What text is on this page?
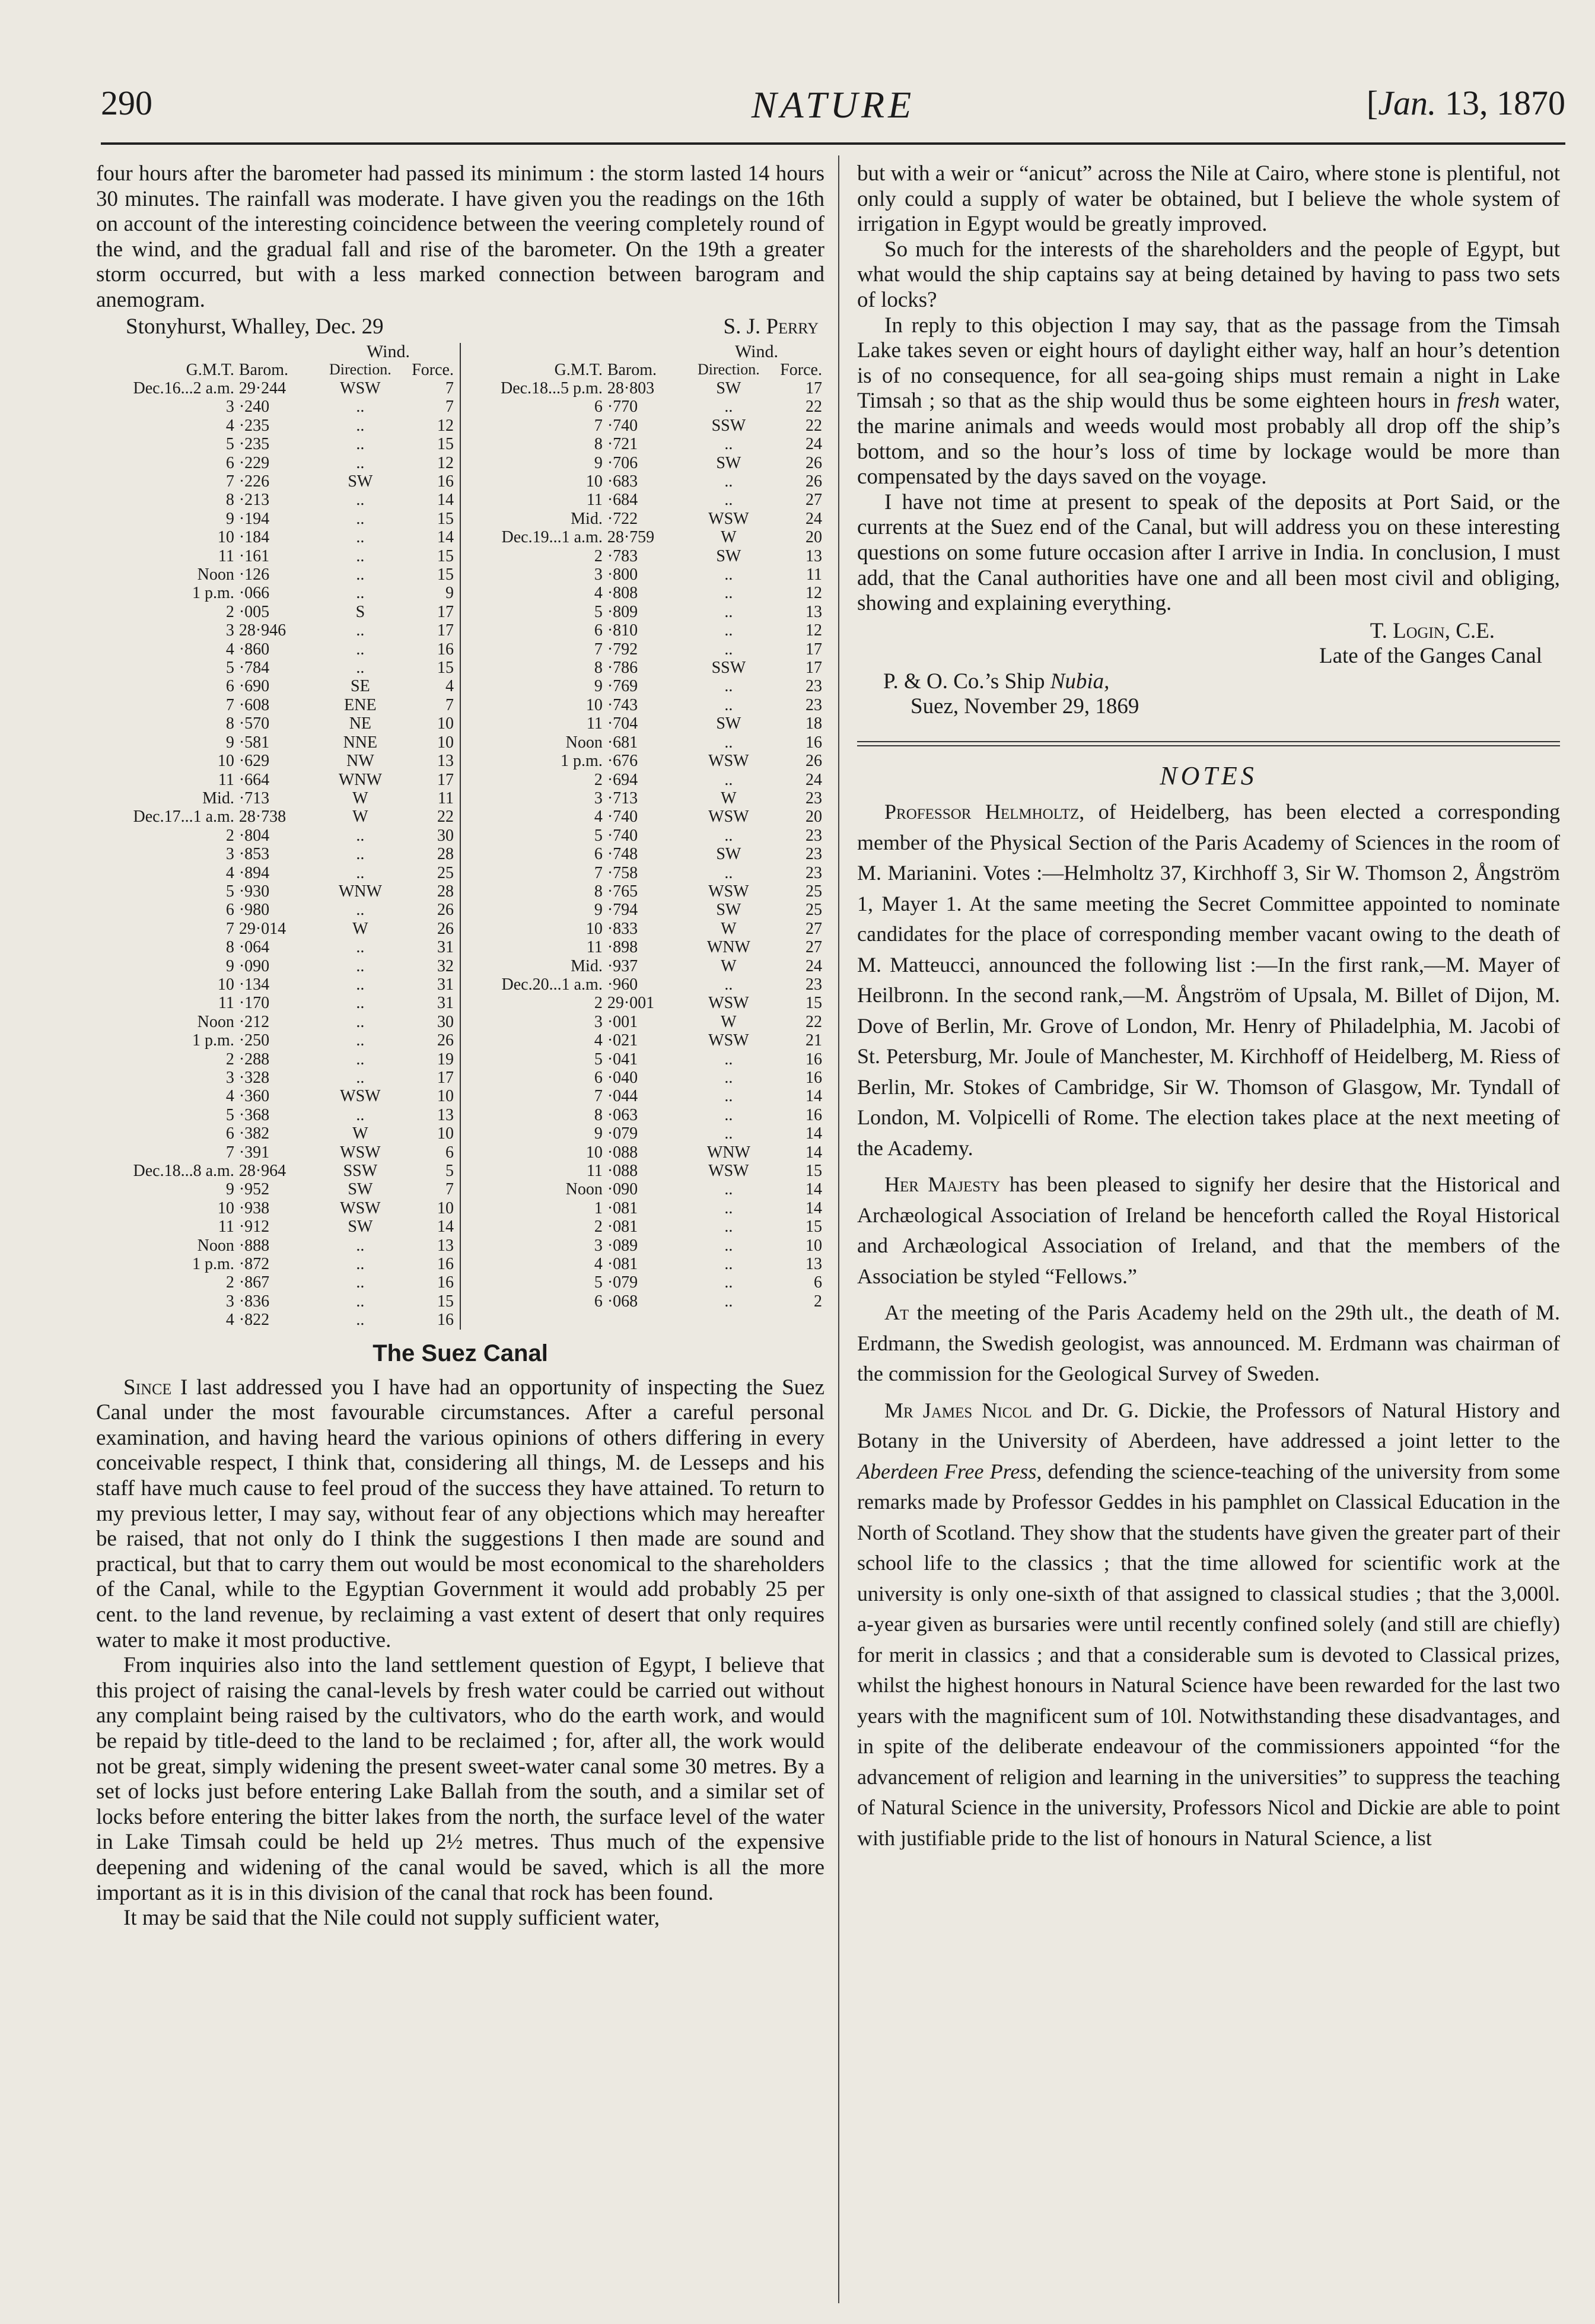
290	NATURE	[Jan. 13, 1870

four hours after the barometer had passed its minimum : the storm lasted 14 hours 30 minutes. The rainfall was moderate. I have given you the readings on the 16th on account of the interesting coincidence between the veering completely round of the wind, and the gradual fall and rise of the barometer. On the 19th a greater storm occurred, but with a less marked connection between barogram and anemogram.

Stonyhurst, Whalley, Dec. 29	S. J. Perry
		Wind.	
G.M.T.	Barom.	Direction.	Force.
Dec.16...2 a.m.	29·244	WSW	7
3	·240	..	7
4	·235	..	12
5	·235	..	15
6	·229	..	12
7	·226	SW	16
8	·213	..	14
9	·194	..	15
10	·184	..	14
11	·161	..	15
Noon	·126	..	15
1 p.m.	·066	..	9
2	·005	S	17
3	28·946	..	17
4	·860	..	16
5	·784	..	15
6	·690	SE	4
7	·608	ENE	7
8	·570	NE	10
9	·581	NNE	10
10	·629	NW	13
11	·664	WNW	17
Mid.	·713	W	11
Dec.17...1 a.m.	28·738	W	22
2	·804	..	30
3	·853	..	28
4	·894	..	25
5	·930	WNW	28
6	·980	..	26
7	29·014	W	26
8	·064	..	31
9	·090	..	32
10	·134	..	31
11	·170	..	31
Noon	·212	..	30
1 p.m.	·250	..	26
2	·288	..	19
3	·328	..	17
4	·360	WSW	10
5	·368	..	13
6	·382	W	10
7	·391	WSW	6
Dec.18...8 a.m.	28·964	SSW	5
9	·952	SW	7
10	·938	WSW	10
11	·912	SW	14
Noon	·888	..	13
1 p.m.	·872	..	16
2	·867	..	16
3	·836	..	15
4	·822	..	16
		Wind.	
G.M.T.	Barom.	Direction.	Force.
Dec.18...5 p.m.	28·803	SW	17
6	·770	..	22
7	·740	SSW	22
8	·721	..	24
9	·706	SW	26
10	·683	..	26
11	·684	..	27
Mid.	·722	WSW	24
Dec.19...1 a.m.	28·759	W	20
2	·783	SW	13
3	·800	..	11
4	·808	..	12
5	·809	..	13
6	·810	..	12
7	·792	..	17
8	·786	SSW	17
9	·769	..	23
10	·743	..	23
11	·704	SW	18
Noon	·681	..	16
1 p.m.	·676	WSW	26
2	·694	..	24
3	·713	W	23
4	·740	WSW	20
5	·740	..	23
6	·748	SW	23
7	·758	..	23
8	·765	WSW	25
9	·794	SW	25
10	·833	W	27
11	·898	WNW	27
Mid.	·937	W	24
Dec.20...1 a.m.	·960	..	23
2	29·001	WSW	15
3	·001	W	22
4	·021	WSW	21
5	·041	..	16
6	·040	..	16
7	·044	..	14
8	·063	..	16
9	·079	..	14
10	·088	WNW	14
11	·088	WSW	15
Noon	·090	..	14
1	·081	..	14
2	·081	..	15
3	·089	..	10
4	·081	..	13
5	·079	..	6
6	·068	..	2
The Suez Canal

Since I last addressed you I have had an opportunity of inspecting the Suez Canal under the most favourable circumstances. After a careful personal examination, and having heard the various opinions of others differing in every conceivable respect, I think that, considering all things, M. de Lesseps and his staff have much cause to feel proud of the success they have attained. To return to my previous letter, I may say, without fear of any objections which may hereafter be raised, that not only do I think the suggestions I then made are sound and practical, but that to carry them out would be most economical to the shareholders of the Canal, while to the Egyptian Government it would add probably 25 per cent. to the land revenue, by reclaiming a vast extent of desert that only requires water to make it most productive.

From inquiries also into the land settlement question of Egypt, I believe that this project of raising the canal-levels by fresh water could be carried out without any complaint being raised by the cultivators, who do the earth work, and would be repaid by title-deed to the land to be reclaimed ; for, after all, the work would not be great, simply widening the present sweet-water canal some 30 metres. By a set of locks just before entering Lake Ballah from the south, and a similar set of locks before entering the bitter lakes from the north, the surface level of the water in Lake Timsah could be held up 2½ metres. Thus much of the expensive deepening and widening of the canal would be saved, which is all the more important as it is in this division of the canal that rock has been found.

It may be said that the Nile could not supply sufficient water,

but with a weir or “anicut” across the Nile at Cairo, where stone is plentiful, not only could a supply of water be obtained, but I believe the whole system of irrigation in Egypt would be greatly improved.

So much for the interests of the shareholders and the people of Egypt, but what would the ship captains say at being detained by having to pass two sets of locks?

In reply to this objection I may say, that as the passage from the Timsah Lake takes seven or eight hours of daylight either way, half an hour’s detention is of no consequence, for all sea-going ships must remain a night in Lake Timsah ; so that as the ship would thus be some eighteen hours in fresh water, the marine animals and weeds would most probably all drop off the ship’s bottom, and so the hour’s loss of time by lockage would be more than compensated by the days saved on the voyage.

I have not time at present to speak of the deposits at Port Said, or the currents at the Suez end of the Canal, but will address you on these interesting questions on some future occasion after I arrive in India. In conclusion, I must add, that the Canal authorities have one and all been most civil and obliging, showing and explaining everything.

T. Login, C.E.
Late of the Ganges Canal
P. & O. Co.’s Ship Nubia,
Suez, November 29, 1869
NOTES

Professor Helmholtz, of Heidelberg, has been elected a corresponding member of the Physical Section of the Paris Academy of Sciences in the room of M. Marianini. Votes :—Helmholtz 37, Kirchhoff 3, Sir W. Thomson 2, Ångström 1, Mayer 1. At the same meeting the Secret Committee appointed to nominate candidates for the place of corresponding member vacant owing to the death of M. Matteucci, announced the following list :—In the first rank,—M. Mayer of Heilbronn. In the second rank,—M. Ångström of Upsala, M. Billet of Dijon, M. Dove of Berlin, Mr. Grove of London, Mr. Henry of Philadelphia, M. Jacobi of St. Petersburg, Mr. Joule of Manchester, M. Kirchhoff of Heidelberg, M. Riess of Berlin, Mr. Stokes of Cambridge, Sir W. Thomson of Glasgow, Mr. Tyndall of London, M. Volpicelli of Rome. The election takes place at the next meeting of the Academy.

Her Majesty has been pleased to signify her desire that the Historical and Archæological Association of Ireland be henceforth called the Royal Historical and Archæological Association of Ireland, and that the members of the Association be styled “Fellows.”

At the meeting of the Paris Academy held on the 29th ult., the death of M. Erdmann, the Swedish geologist, was announced. M. Erdmann was chairman of the commission for the Geological Survey of Sweden.

Mr James Nicol and Dr. G. Dickie, the Professors of Natural History and Botany in the University of Aberdeen, have addressed a joint letter to the Aberdeen Free Press, defending the science-teaching of the university from some remarks made by Professor Geddes in his pamphlet on Classical Education in the North of Scotland. They show that the students have given the greater part of their school life to the classics ; that the time allowed for scientific work at the university is only one-sixth of that assigned to classical studies ; that the 3,000l. a-year given as bursaries were until recently confined solely (and still are chiefly) for merit in classics ; and that a considerable sum is devoted to Classical prizes, whilst the highest honours in Natural Science have been rewarded for the last two years with the magnificent sum of 10l. Notwithstanding these disadvantages, and in spite of the deliberate endeavour of the commissioners appointed “for the advancement of religion and learning in the universities” to suppress the teaching of Natural Science in the university, Professors Nicol and Dickie are able to point with justifiable pride to the list of honours in Natural Science, a list
